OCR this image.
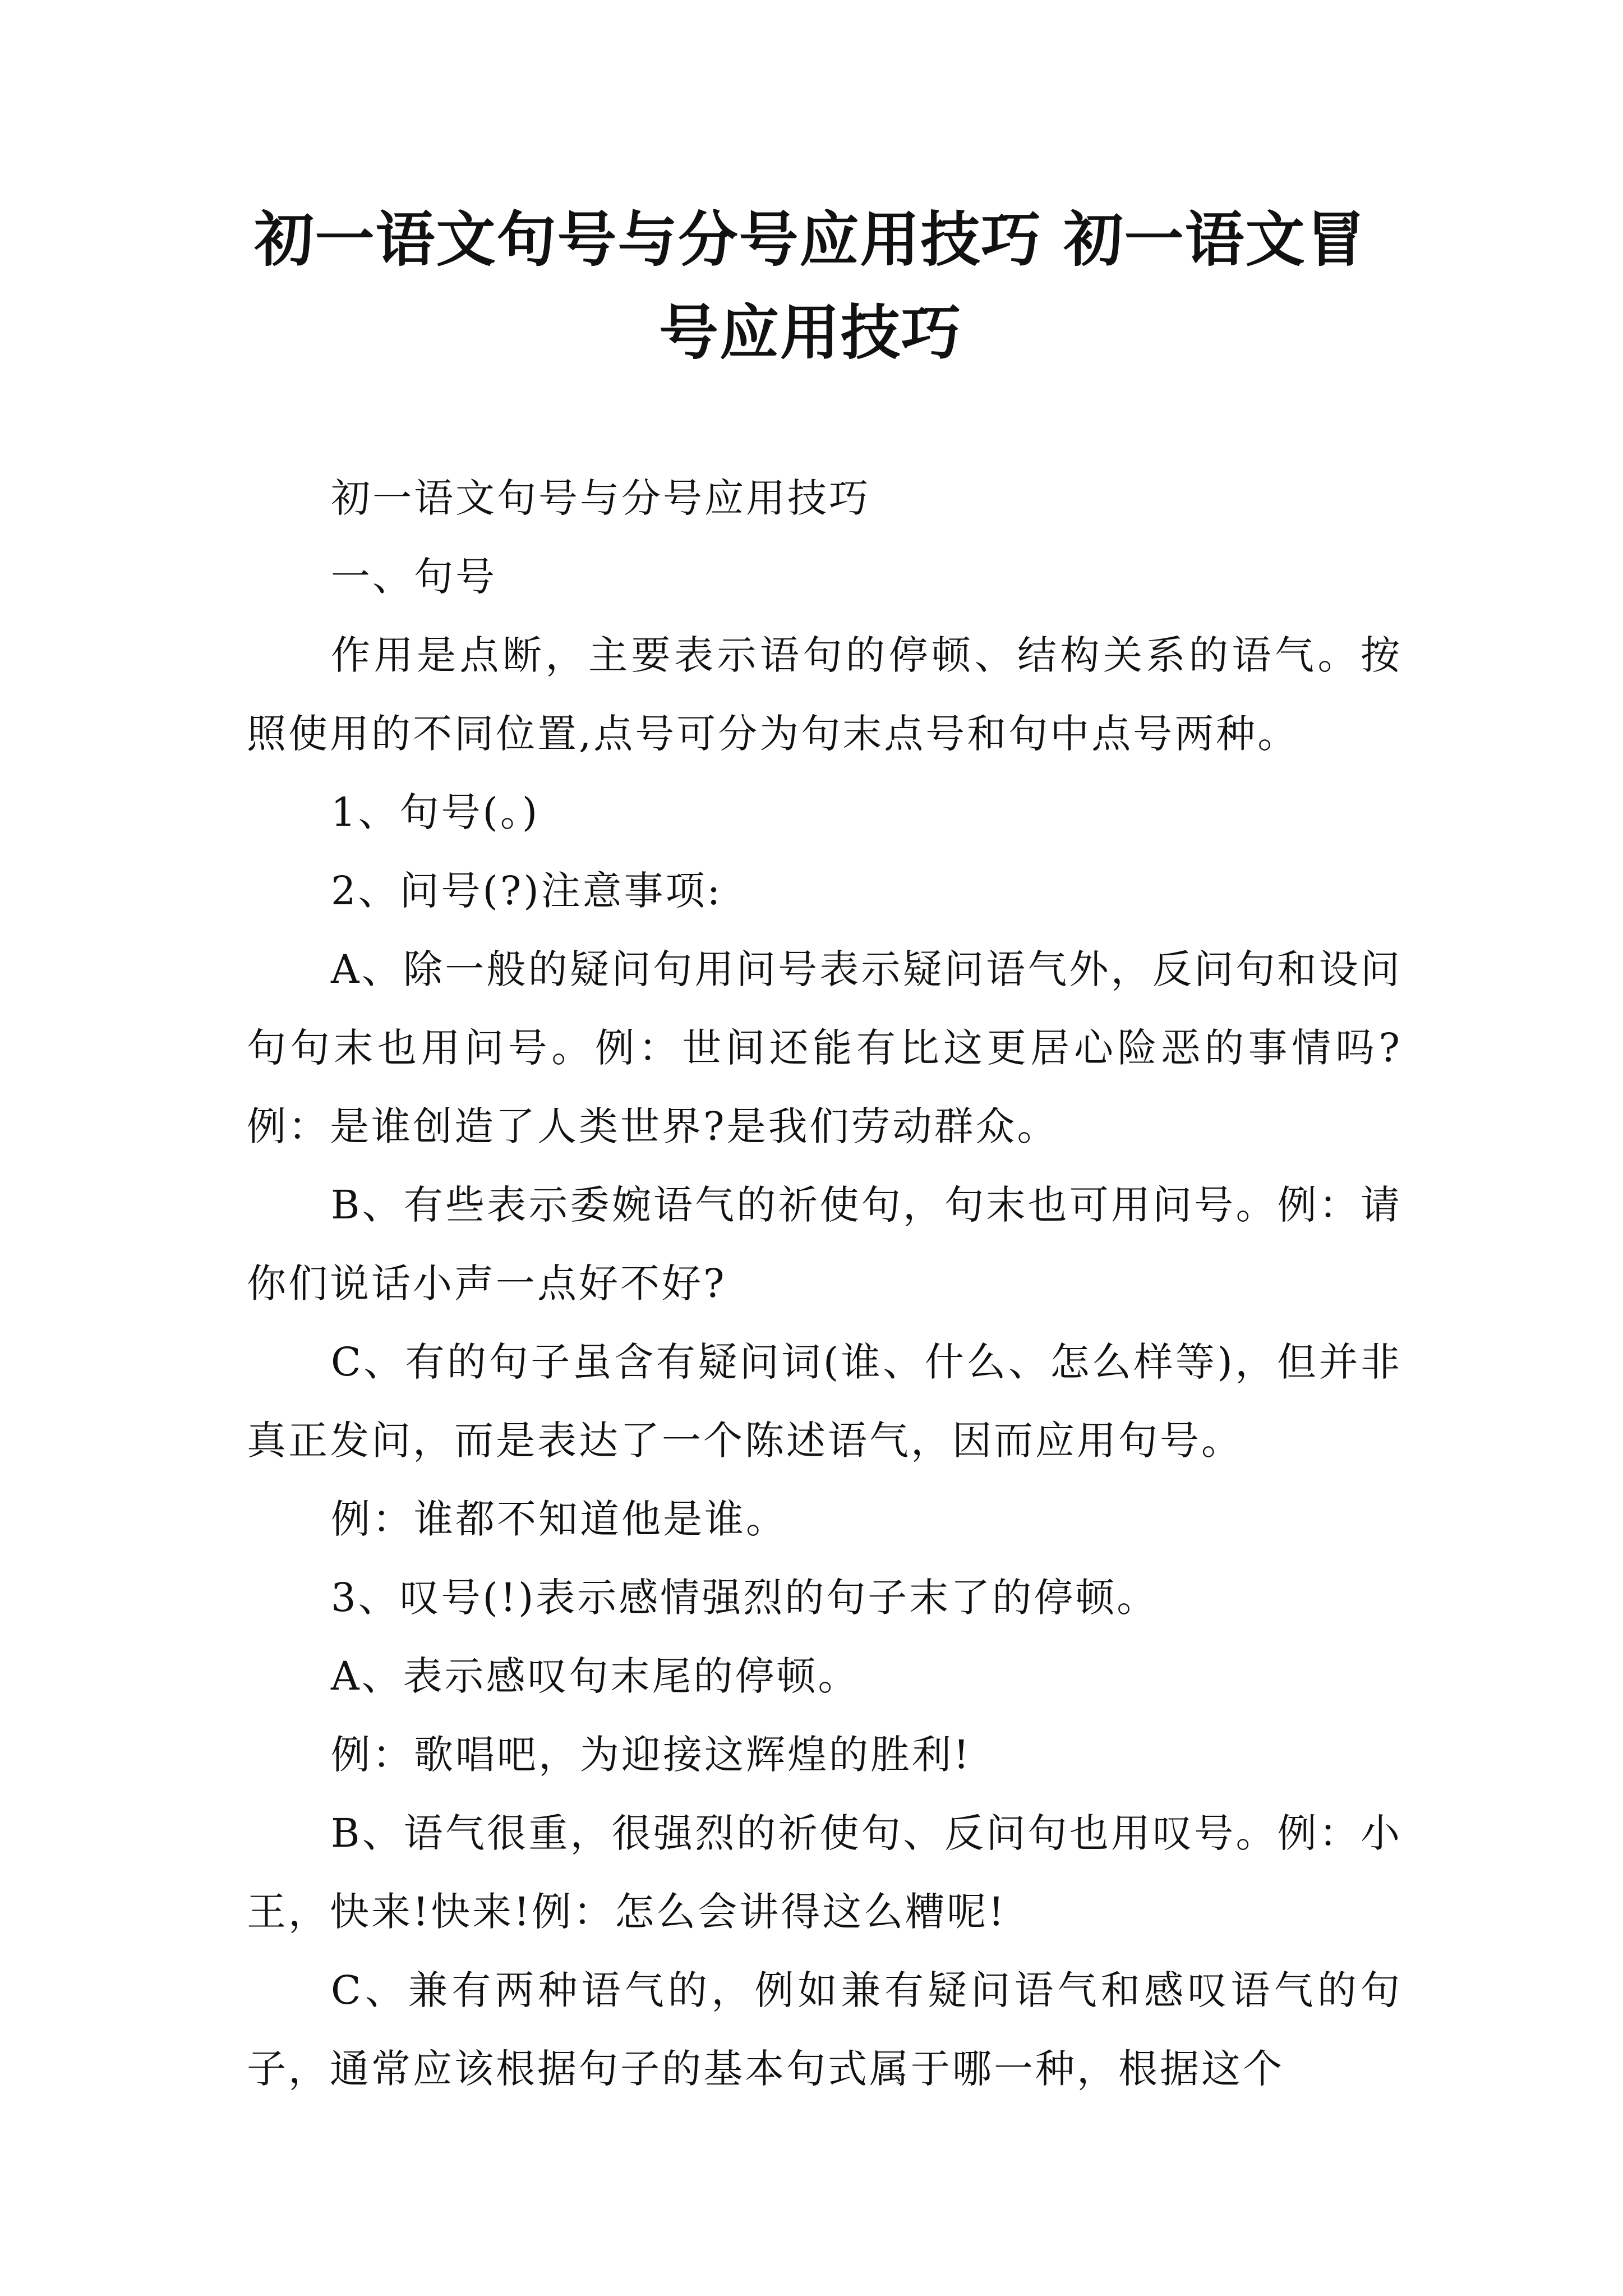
初一语文句号与分号应用技巧 初一语文冒
号应用技巧

初一语文句号与分号应用技巧

一、句号

作用是点断，主要表示语句的停顿、结构关系的语气。按照使用的不同位置,点号可分为句末点号和句中点号两种。

1、句号(。)

2、问号(?)注意事项:

A、除一般的疑问句用问号表示疑问语气外，反问句和设问句句末也用问号。例：世间还能有比这更居心险恶的事情吗?例：是谁创造了人类世界?是我们劳动群众。

B、有些表示委婉语气的祈使句，句末也可用问号。例：请你们说话小声一点好不好?

C、有的句子虽含有疑问词(谁、什么、怎么样等)，但并非真正发问，而是表达了一个陈述语气，因而应用句号。

例：谁都不知道他是谁。

3、叹号(!)表示感情强烈的句子末了的停顿。

A、表示感叹句末尾的停顿。

例：歌唱吧，为迎接这辉煌的胜利!

B、语气很重，很强烈的祈使句、反问句也用叹号。例：小王，快来!快来!例：怎么会讲得这么糟呢!

C、兼有两种语气的，例如兼有疑问语气和感叹语气的句子，通常应该根据句子的基本句式属于哪一种，根据这个
